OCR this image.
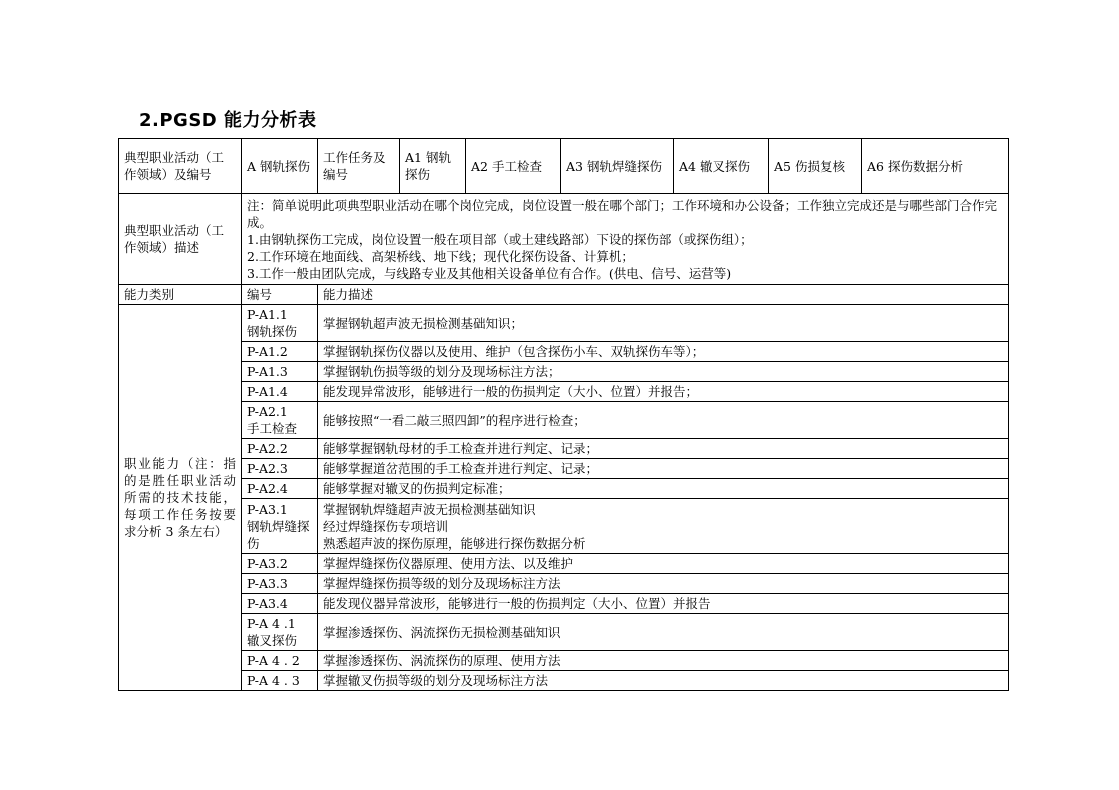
2.PGSD 能力分析表
典型职业活动（工作领域）及编号	A 钢轨探伤	工作任务及编号	A1 钢轨探伤	A2 手工检查	A3 钢轨焊缝探伤	A4 辙叉探伤	A5 伤损复核	A6 探伤数据分析
典型职业活动（工作领域）描述	注：简单说明此项典型职业活动在哪个岗位完成，岗位设置一般在哪个部门；工作环境和办公设备；工作独立完成还是与哪些部门合作完成。
1.由钢轨探伤工完成，岗位设置一般在项目部（或土建线路部）下设的探伤部（或探伤组）；
2.工作环境在地面线、高架桥线、地下线；现代化探伤设备、计算机；
3.工作一般由团队完成，与线路专业及其他相关设备单位有合作。(供电、信号、运营等)							

能力类别	编号	能力描述						
职业能力（注：指的是胜任职业活动所需的技术技能，每项工作任务按要求分析 3 条左右）	P-A1.1
钢轨探伤	掌握钢轨超声波无损检测基础知识；						

	P-A1.2	掌握钢轨探伤仪器以及使用、维护（包含探伤小车、双轨探伤车等）；						

	P-A1.3	掌握钢轨伤损等级的划分及现场标注方法；						

	P-A1.4	能发现异常波形，能够进行一般的伤损判定（大小、位置）并报告；						

	P-A2.1
手工检查	能够按照“一看二敲三照四卸”的程序进行检查；						

	P-A2.2	能够掌握钢轨母材的手工检查并进行判定、记录；						

	P-A2.3	能够掌握道岔范围的手工检查并进行判定、记录；						

	P-A2.4	能够掌握对辙叉的伤损判定标准；						

	P-A3.1
钢轨焊缝探伤	掌握钢轨焊缝超声波无损检测基础知识
经过焊缝探伤专项培训
熟悉超声波的探伤原理，能够进行探伤数据分析						

	P-A3.2	掌握焊缝探伤仪器原理、使用方法、以及维护						

	P-A3.3	掌握焊缝探伤损等级的划分及现场标注方法						

	P-A3.4	能发现仪器异常波形，能够进行一般的伤损判定（大小、位置）并报告						

	P-A 4 .1
辙叉探伤	掌握渗透探伤、涡流探伤无损检测基础知识						

	P-A 4 . 2	掌握渗透探伤、涡流探伤的原理、使用方法						

	P-A 4 . 3	掌握辙叉伤损等级的划分及现场标注方法						
